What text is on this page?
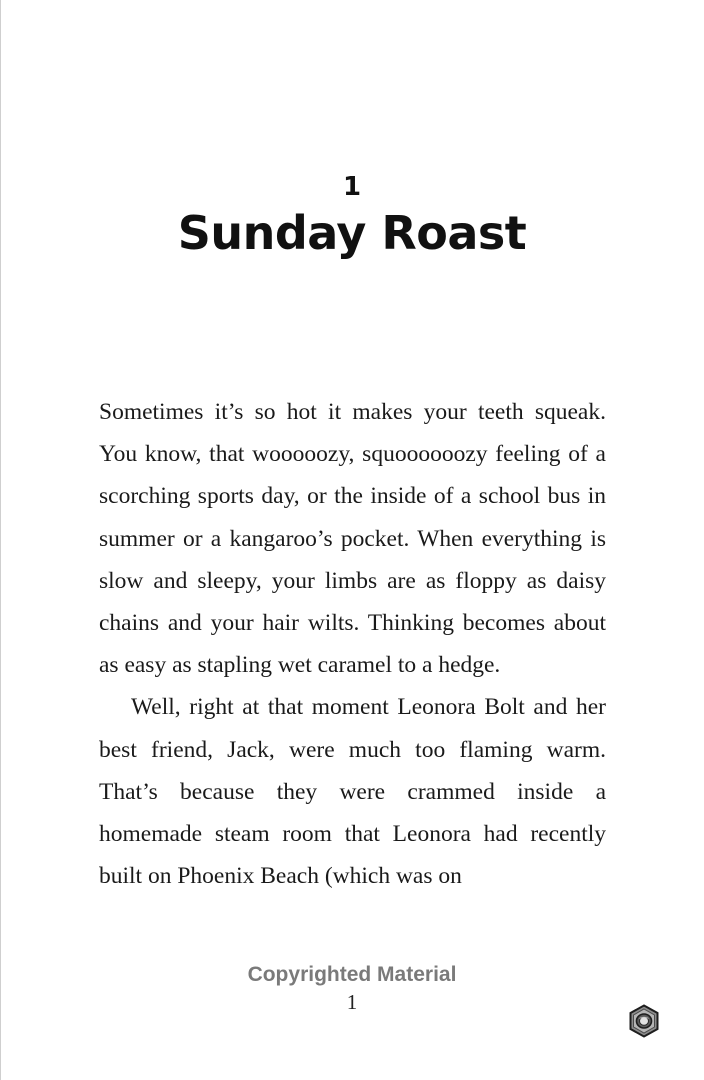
1
Sunday Roast

Sometimes it’s so hot it makes your teeth squeak. You know, that wooooozy, squoooooozy feeling of a scorching sports day, or the inside of a school bus in summer or a kangaroo’s pocket. When everything is slow and sleepy, your limbs are as floppy as daisy chains and your hair wilts. Thinking becomes about as easy as stapling wet caramel to a hedge.

Well, right at that moment Leonora Bolt and her best friend, Jack, were much too flaming warm. That’s because they were crammed inside a homemade steam room that Leonora had recently built on Phoenix Beach (which was on

Copyrighted Material
1
